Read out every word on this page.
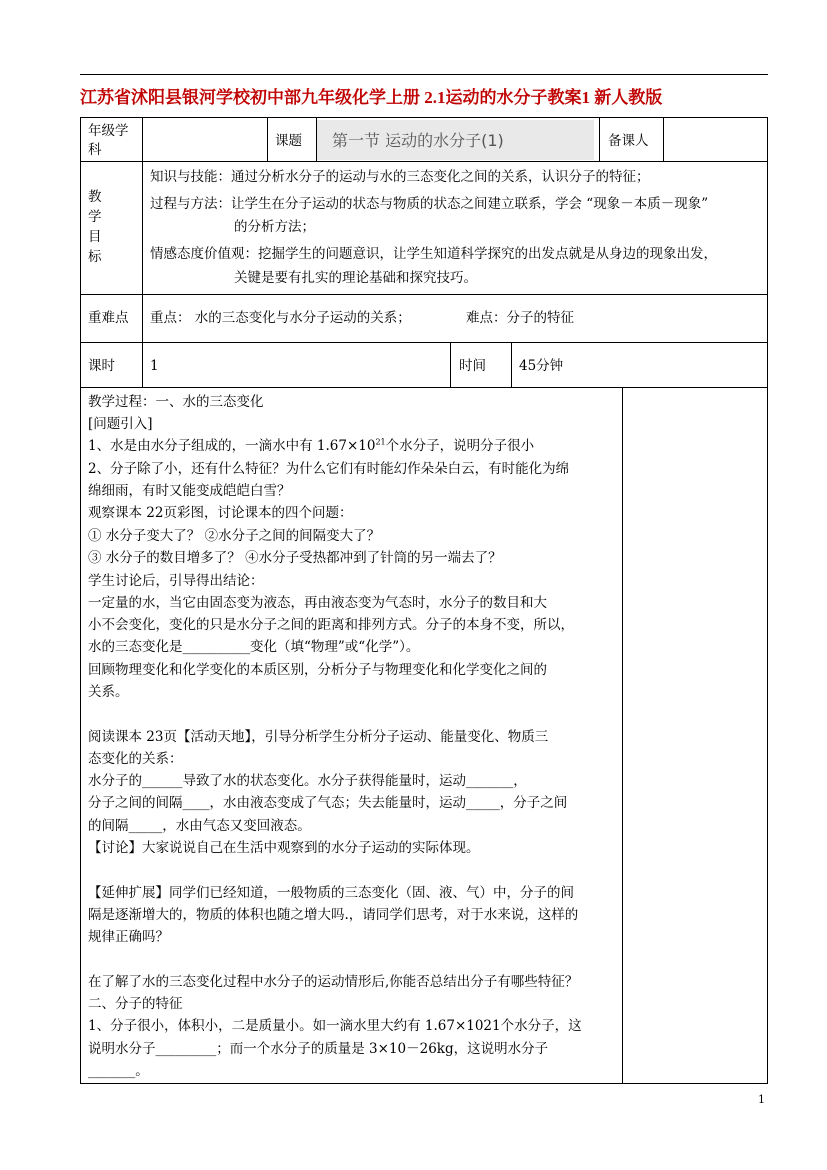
江苏省沭阳县银河学校初中部九年级化学上册 2.1运动的水分子教案1 新人教版
年级学
科
课题 第一节 运动的水分子(1)	备课人
教
学
目
标
知识与技能：通过分析水分子的运动与水的三态变化之间的关系，认识分子的特征；
过程与方法：让学生在分子运动的状态与物质的状态之间建立联系，学会 “现象－本质－现象”
的分析方法；
情感态度价值观：挖掘学生的问题意识，让学生知道科学探究的出发点就是从身边的现象出发，
关键是要有扎实的理论基础和探究技巧。
重难点 重点： 水的三态变化与水分子运动的关系；	难点：分子的特征
课时	1	时间 45分钟
教学过程：一、水的三态变化
[问题引入]
1、水是由水分子组成的，一滴水中有 $1.67\times 10^{21}$个水分子，说明分子很小
2、分子除了小，还有什么特征？为什么它们有时能幻作朵朵白云，有时能化为绵
绵细雨，有时又能变成皑皑白雪？
观察课本 22页彩图，讨论课本的四个问题：
① 水分子变大了？ ②水分子之间的间隔变大了？
③ 水分子的数目增多了？ ④水分子受热都冲到了针筒的另一端去了？
学生讨论后，引导得出结论：
一定量的水，当它由固态变为液态，再由液态变为气态时，水分子的数目和大
小不会变化，变化的只是水分子之间的距离和排列方式。分子的本身不变，所以，
水的三态变化是__________变化（填“物理”或“化学”）。
回顾物理变化和化学变化的本质区别，分析分子与物理变化和化学变化之间的
关系。
阅读课本 23页【活动天地】，引导分析学生分析分子运动、能量变化、物质三
态变化的关系：
水分子的______导致了水的状态变化。水分子获得能量时，运动_______，
分子之间的间隔____，水由液态变成了气态；失去能量时，运动_____，分子之间
的间隔_____，水由气态又变回液态。
【讨论】大家说说自己在生活中观察到的水分子运动的实际体现。
【延伸扩展】同学们已经知道，一般物质的三态变化（固、液、气）中，分子的间
隔是逐渐增大的，物质的体积也随之增大吗.，请同学们思考，对于水来说，这样的
规律正确吗？
在了解了水的三态变化过程中水分子的运动情形后,你能否总结出分子有哪些特征？
二、分子的特征
1、分子很小，体积小，二是质量小。如一滴水里大约有 1.67×1021个水分子，这
说明水分子_________；而一个水分子的质量是 3×10－26kg，这说明水分子
_______。
1
